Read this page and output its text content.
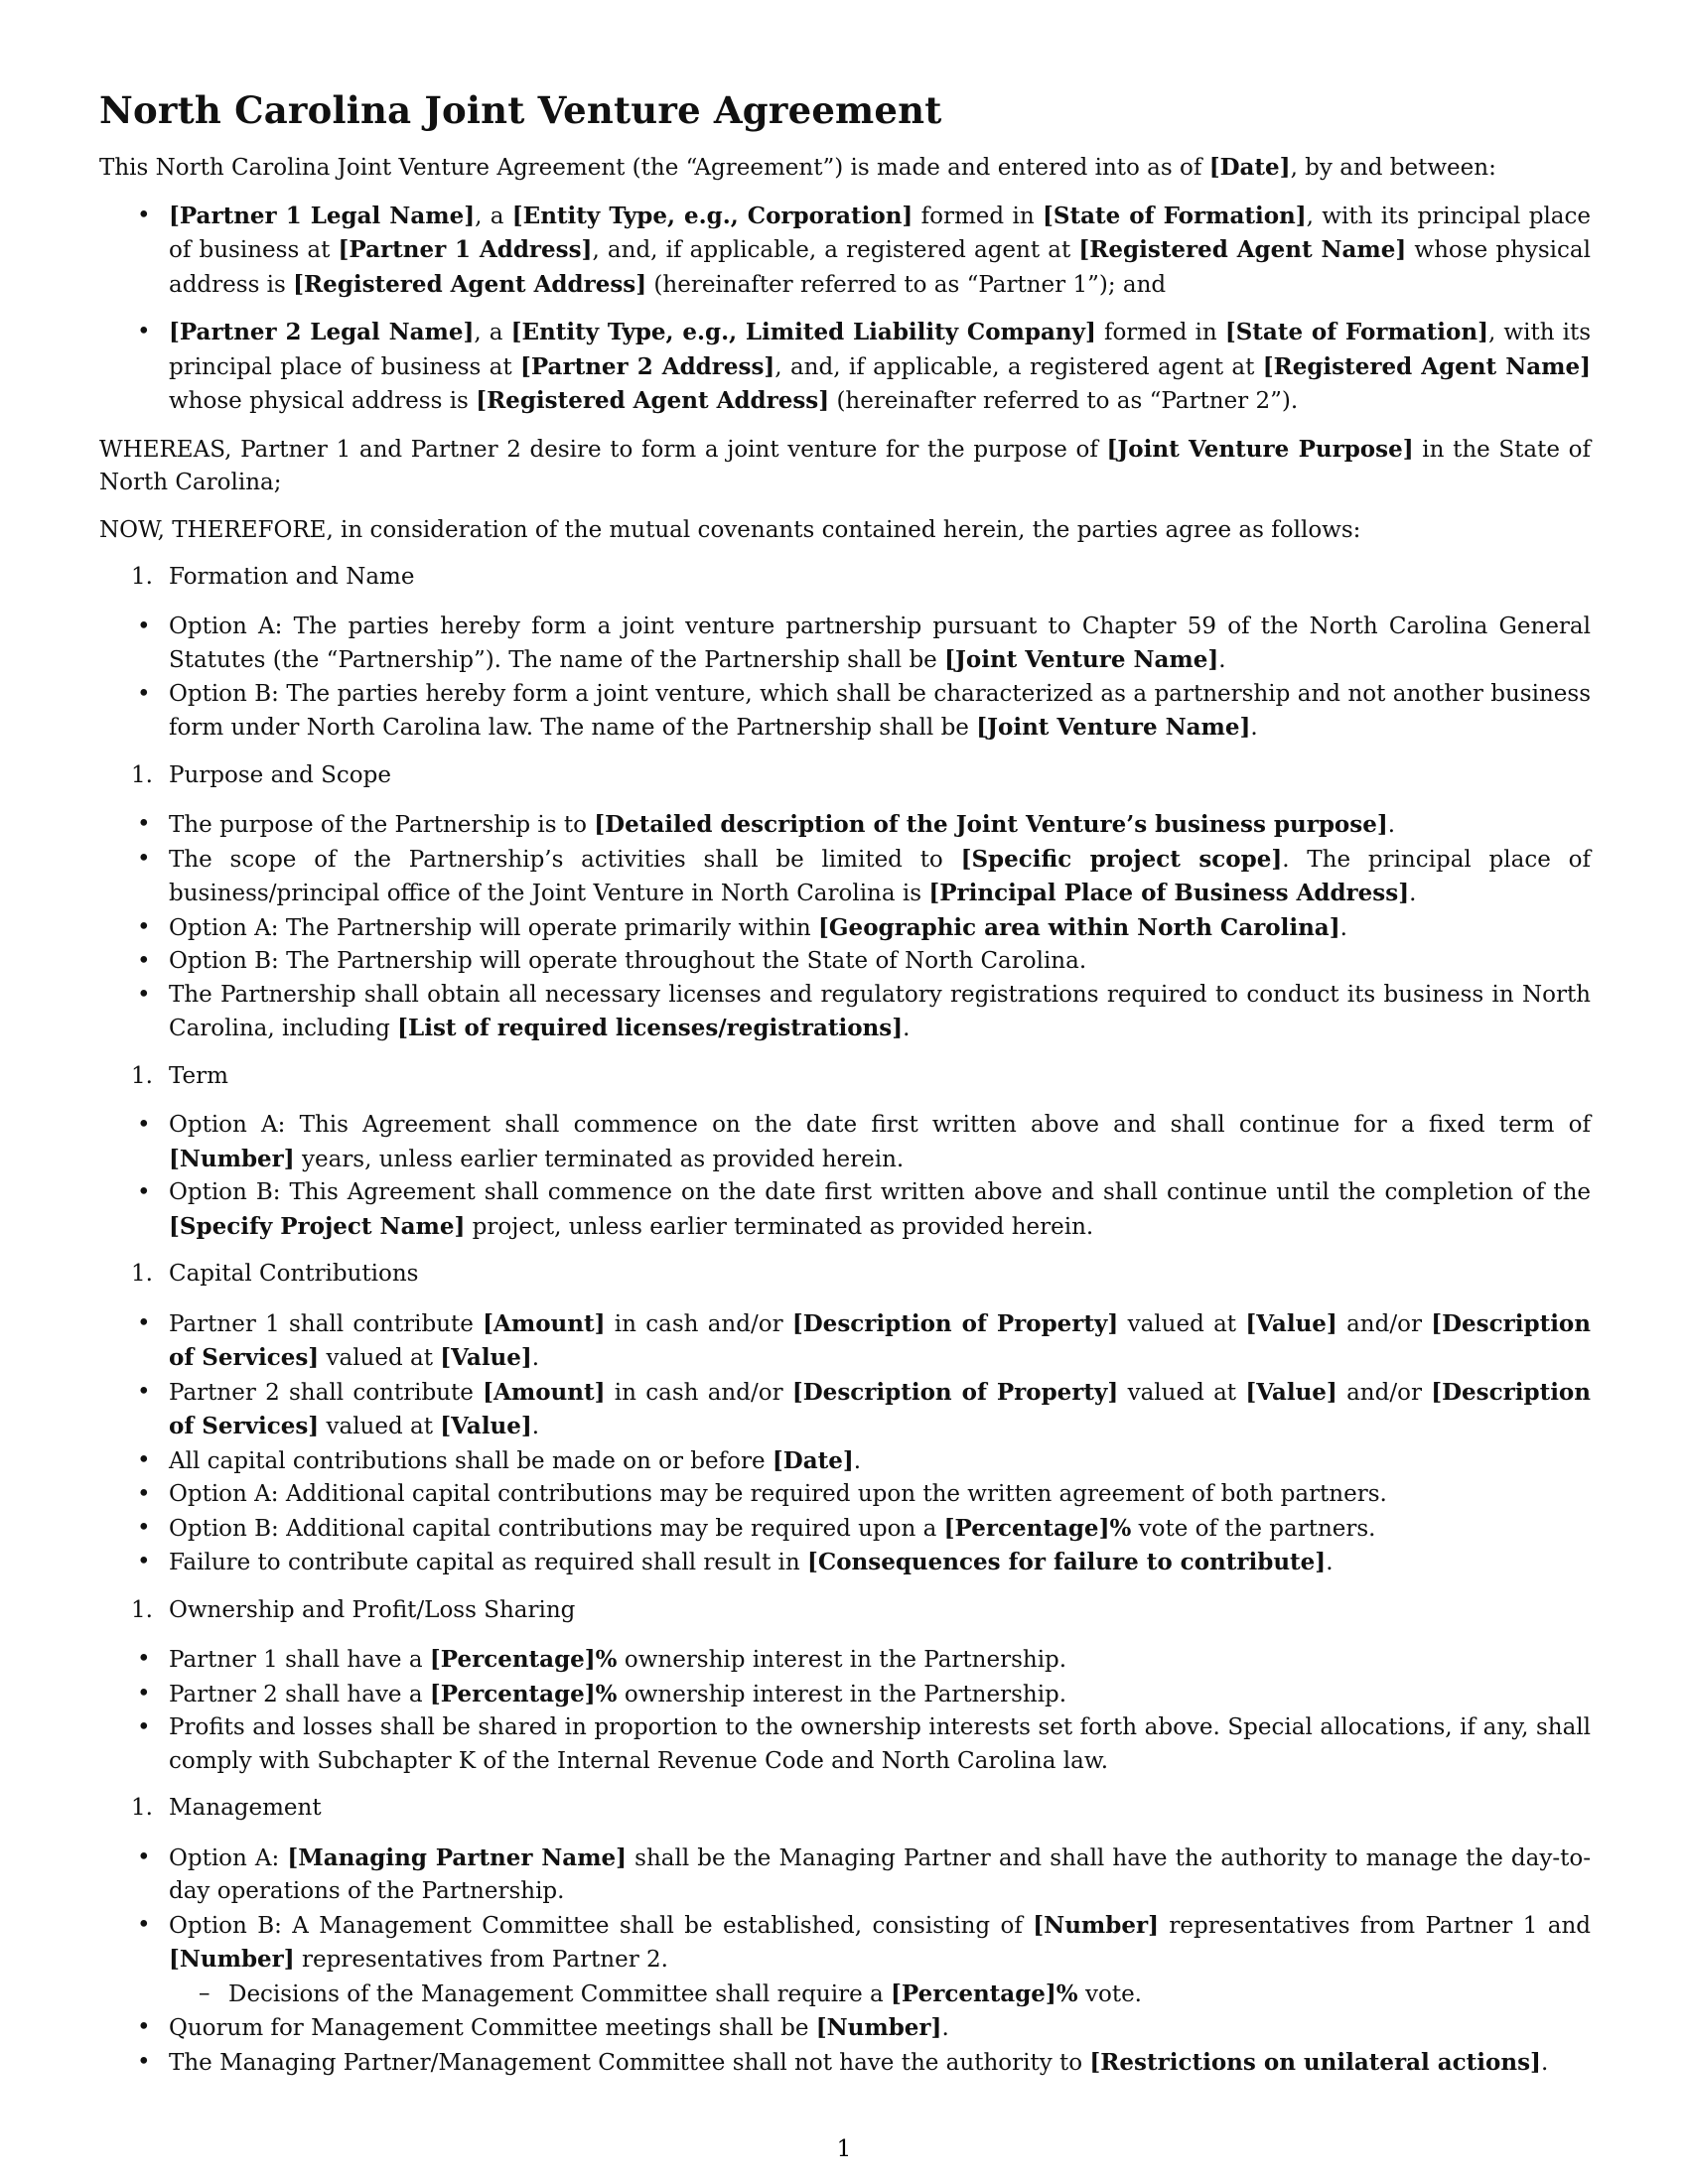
North Carolina Joint Venture Agreement

This North Carolina Joint Venture Agreement (the “Agreement”) is made and entered into as of [Date], by and between:

• [Partner 1 Legal Name], a [Entity Type, e.g., Corporation] formed in [State of Formation], with its principal place of business at [Partner 1 Address], and, if applicable, a registered agent at [Registered Agent Name] whose physical address is [Registered Agent Address] (hereinafter referred to as “Partner 1”); and
• [Partner 2 Legal Name], a [Entity Type, e.g., Limited Liability Company] formed in [State of Formation], with its principal place of business at [Partner 2 Address], and, if applicable, a registered agent at [Registered Agent Name] whose physical address is [Registered Agent Address] (hereinafter referred to as “Partner 2”).

WHEREAS, Partner 1 and Partner 2 desire to form a joint venture for the purpose of [Joint Venture Purpose] in the State of North Carolina;

NOW, THEREFORE, in consideration of the mutual covenants contained herein, the parties agree as follows:

1. Formation and Name
• Option A: The parties hereby form a joint venture partnership pursuant to Chapter 59 of the North Carolina General Statutes (the “Partnership”). The name of the Partnership shall be [Joint Venture Name].
• Option B: The parties hereby form a joint venture, which shall be characterized as a partnership and not another business form under North Carolina law. The name of the Partnership shall be [Joint Venture Name].
1. Purpose and Scope
• The purpose of the Partnership is to [Detailed description of the Joint Venture’s business purpose].
• The scope of the Partnership’s activities shall be limited to [Specific project scope]. The principal place of business/principal office of the Joint Venture in North Carolina is [Principal Place of Business Address].
• Option A: The Partnership will operate primarily within [Geographic area within North Carolina].
• Option B: The Partnership will operate throughout the State of North Carolina.
• The Partnership shall obtain all necessary licenses and regulatory registrations required to conduct its business in North Carolina, including [List of required licenses/registrations].
1. Term
• Option A: This Agreement shall commence on the date first written above and shall continue for a fixed term of [Number] years, unless earlier terminated as provided herein.
• Option B: This Agreement shall commence on the date first written above and shall continue until the completion of the [Specify Project Name] project, unless earlier terminated as provided herein.
1. Capital Contributions
• Partner 1 shall contribute [Amount] in cash and/or [Description of Property] valued at [Value] and/or [Description of Services] valued at [Value].
• Partner 2 shall contribute [Amount] in cash and/or [Description of Property] valued at [Value] and/or [Description of Services] valued at [Value].
• All capital contributions shall be made on or before [Date].
• Option A: Additional capital contributions may be required upon the written agreement of both partners.
• Option B: Additional capital contributions may be required upon a [Percentage]% vote of the partners.
• Failure to contribute capital as required shall result in [Consequences for failure to contribute].
1. Ownership and Profit/Loss Sharing
• Partner 1 shall have a [Percentage]% ownership interest in the Partnership.
• Partner 2 shall have a [Percentage]% ownership interest in the Partnership.
• Profits and losses shall be shared in proportion to the ownership interests set forth above. Special allocations, if any, shall comply with Subchapter K of the Internal Revenue Code and North Carolina law.
1. Management
• Option A: [Managing Partner Name] shall be the Managing Partner and shall have the authority to manage the day-to-day operations of the Partnership.
• Option B: A Management Committee shall be established, consisting of [Number] representatives from Partner 1 and [Number] representatives from Partner 2.
– Decisions of the Management Committee shall require a [Percentage]% vote.
• Quorum for Management Committee meetings shall be [Number].
• The Managing Partner/Management Committee shall not have the authority to [Restrictions on unilateral actions].
1
